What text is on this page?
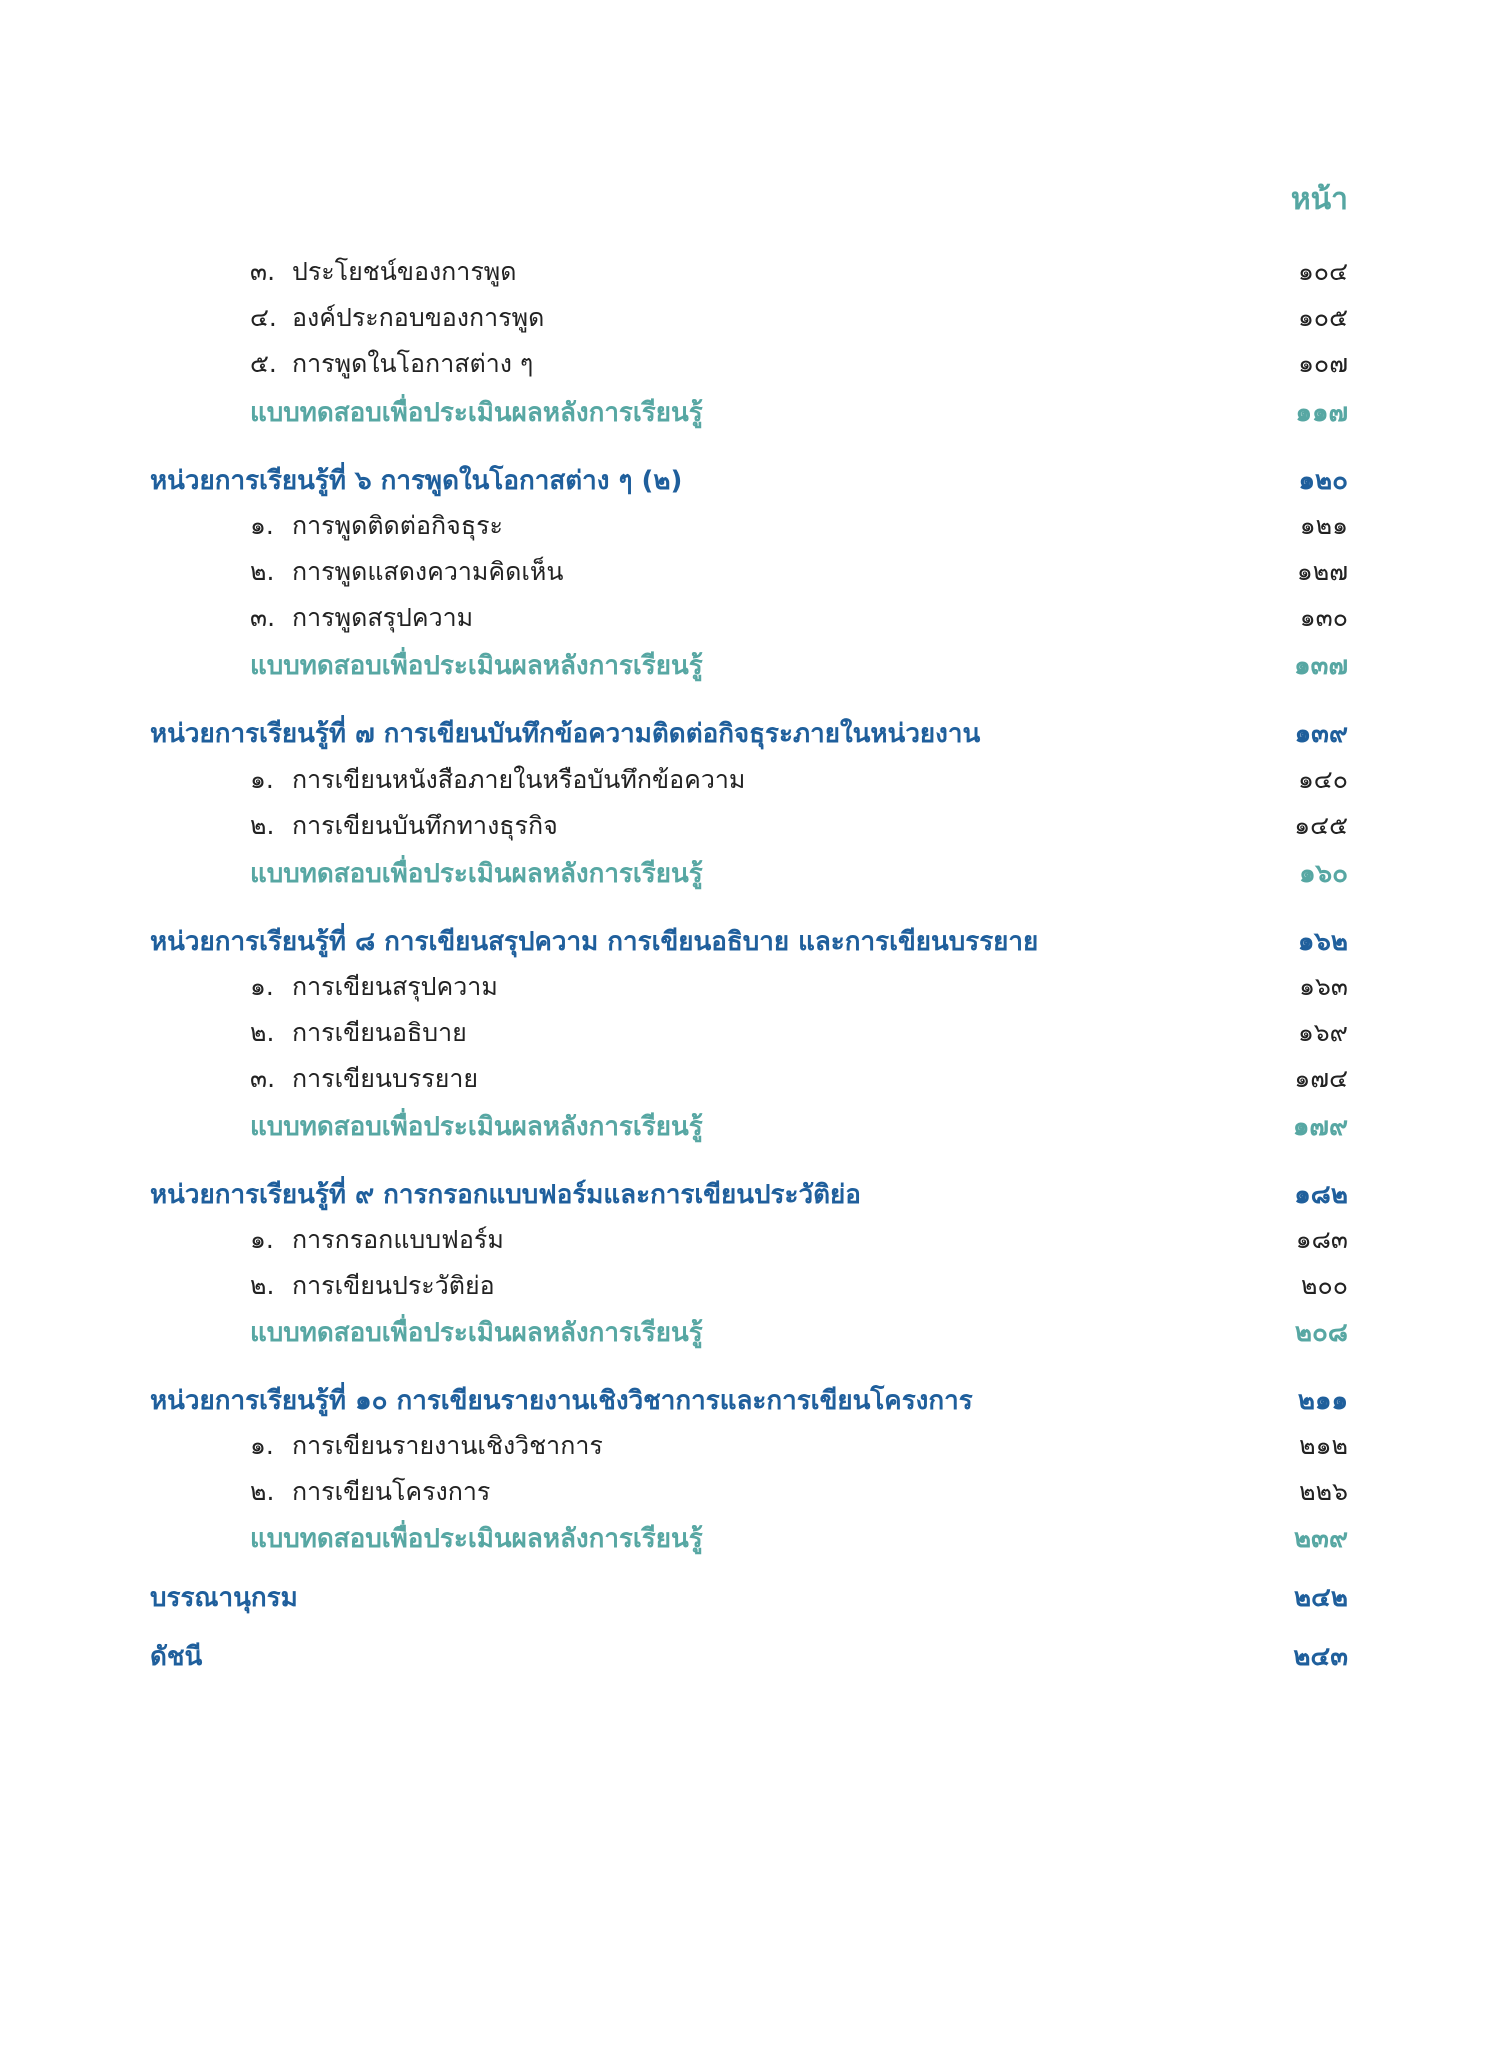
หน้า
๓. ประโยชน์ของการพูด	๑๐๔
๔. องค์ประกอบของการพูด	๑๐๕
๕. การพูดในโอกาสต่าง ๆ	๑๐๗
แบบทดสอบเพื่อประเมินผลหลังการเรียนรู้	๑๑๗
หน่วยการเรียนรู้ที่ ๖ การพูดในโอกาสต่าง ๆ (๒)	๑๒๐
๑. การพูดติดต่อกิจธุระ	๑๒๑
๒. การพูดแสดงความคิดเห็น	๑๒๗
๓. การพูดสรุปความ	๑๓๐
แบบทดสอบเพื่อประเมินผลหลังการเรียนรู้	๑๓๗
หน่วยการเรียนรู้ที่ ๗ การเขียนบันทึกข้อความติดต่อกิจธุระภายในหน่วยงาน	๑๓๙
๑. การเขียนหนังสือภายในหรือบันทึกข้อความ	๑๔๐
๒. การเขียนบันทึกทางธุรกิจ	๑๔๕
แบบทดสอบเพื่อประเมินผลหลังการเรียนรู้	๑๖๐
หน่วยการเรียนรู้ที่ ๘ การเขียนสรุปความ การเขียนอธิบาย และการเขียนบรรยาย	๑๖๒
๑. การเขียนสรุปความ	๑๖๓
๒. การเขียนอธิบาย	๑๖๙
๓. การเขียนบรรยาย	๑๗๔
แบบทดสอบเพื่อประเมินผลหลังการเรียนรู้	๑๗๙
หน่วยการเรียนรู้ที่ ๙ การกรอกแบบฟอร์มและการเขียนประวัติย่อ	๑๘๒
๑. การกรอกแบบฟอร์ม	๑๘๓
๒. การเขียนประวัติย่อ	๒๐๐
แบบทดสอบเพื่อประเมินผลหลังการเรียนรู้	๒๐๘
หน่วยการเรียนรู้ที่ ๑๐ การเขียนรายงานเชิงวิชาการและการเขียนโครงการ	๒๑๑
๑. การเขียนรายงานเชิงวิชาการ	๒๑๒
๒. การเขียนโครงการ	๒๒๖
แบบทดสอบเพื่อประเมินผลหลังการเรียนรู้	๒๓๙
บรรณานุกรม	๒๔๒
ดัชนี	๒๔๓
